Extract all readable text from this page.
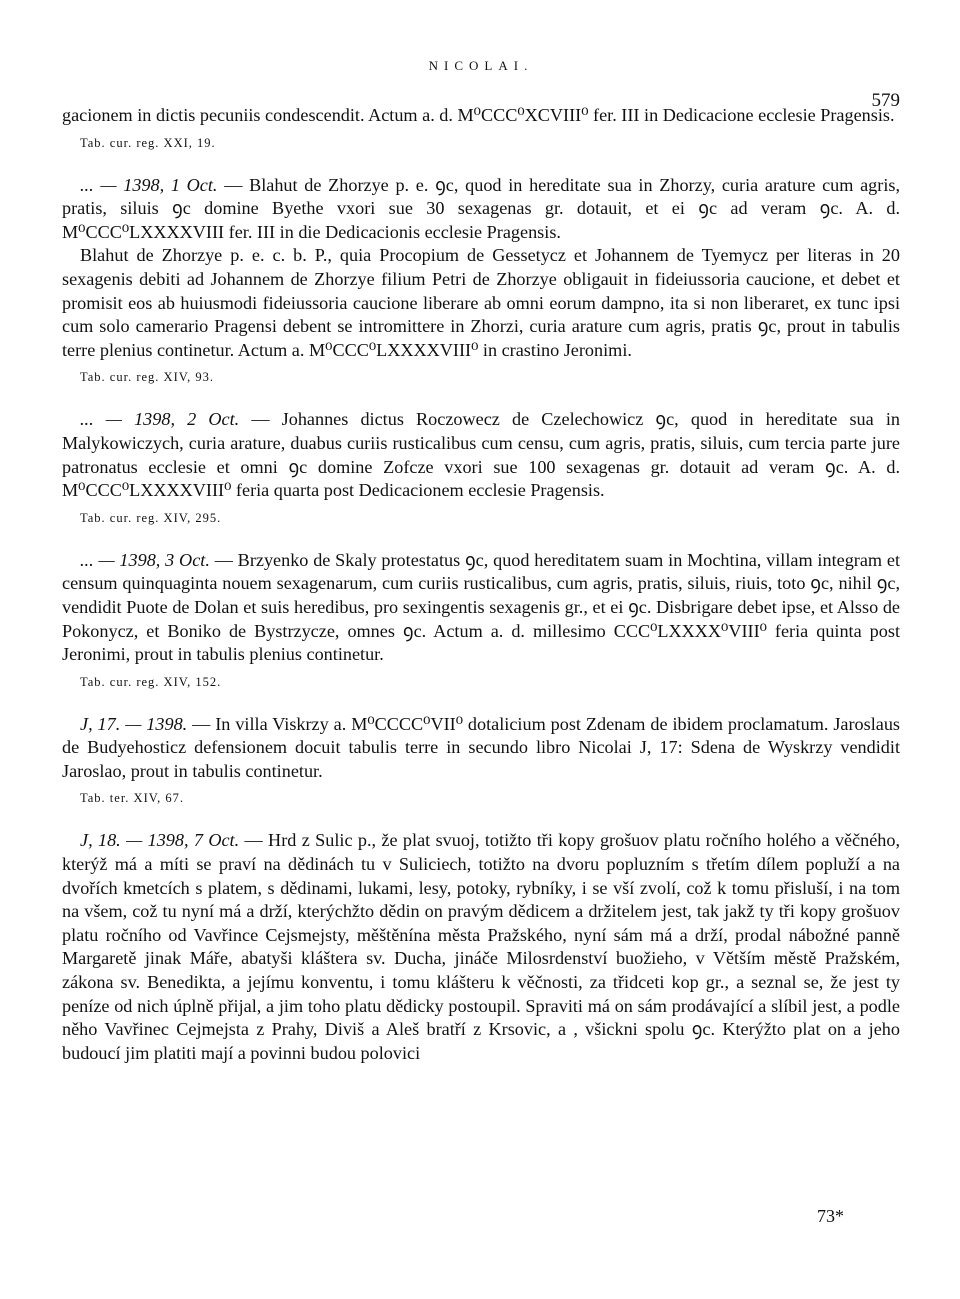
NICOLAI.
579

gacionem in dictis pecuniis condescendit. Actum a. d. M⁰CCC⁰XCVIII⁰ fer. III in Dedicacione ecclesie Pragensis.

Tab. cur. reg. XXI, 19.

... — 1398, 1 Oct. — Blahut de Zhorzye p. e. ꝯc, quod in hereditate sua in Zhorzy, curia arature cum agris, pratis, siluis ꝯc domine Byethe vxori sue 30 sexagenas gr. dotauit, et ei ꝯc ad veram ꝯc. A. d. M⁰CCC⁰LXXXXVIII fer. III in die Dedicacionis ecclesie Pragensis.

Blahut de Zhorzye p. e. c. b. P., quia Procopium de Gessetycz et Johannem de Tyemycz per literas in 20 sexagenis debiti ad Johannem de Zhorzye filium Petri de Zhorzye obligauit in fideiussoria caucione, et debet et promisit eos ab huiusmodi fideiussoria caucione liberare ab omni eorum dampno, ita si non liberaret, ex tunc ipsi cum solo camerario Pragensi debent se intromittere in Zhorzi, curia arature cum agris, pratis ꝯc, prout in tabulis terre plenius continetur. Actum a. M⁰CCC⁰LXXXXVIII⁰ in crastino Jeronimi.

Tab. cur. reg. XIV, 93.

... — 1398, 2 Oct. — Johannes dictus Roczowecz de Czelechowicz ꝯc, quod in hereditate sua in Malykowiczych, curia arature, duabus curiis rusticalibus cum censu, cum agris, pratis, siluis, cum tercia parte jure patronatus ecclesie et omni ꝯc domine Zofcze vxori sue 100 sexagenas gr. dotauit ad veram ꝯc. A. d. M⁰CCC⁰LXXXXVIII⁰ feria quarta post Dedicacionem ecclesie Pragensis.

Tab. cur. reg. XIV, 295.

... — 1398, 3 Oct. — Brzyenko de Skaly protestatus ꝯc, quod hereditatem suam in Mochtina, villam integram et censum quinquaginta nouem sexagenarum, cum curiis rusticalibus, cum agris, pratis, siluis, riuis, toto ꝯc, nihil ꝯc, vendidit Puote de Dolan et suis heredibus, pro sexingentis sexagenis gr., et ei ꝯc. Disbrigare debet ipse, et Alsso de Pokonycz, et Boniko de Bystrzycze, omnes ꝯc. Actum a. d. millesimo CCC⁰LXXXX⁰VIII⁰ feria quinta post Jeronimi, prout in tabulis plenius continetur.

Tab. cur. reg. XIV, 152.

J, 17. — 1398. — In villa Viskrzy a. M⁰CCCC⁰VII⁰ dotalicium post Zdenam de ibidem proclamatum. Jaroslaus de Budyehosticz defensionem docuit tabulis terre in secundo libro Nicolai J, 17: Sdena de Wyskrzy vendidit Jaroslao, prout in tabulis continetur.

Tab. ter. XIV, 67.

J, 18. — 1398, 7 Oct. — Hrd z Sulic p., že plat svuoj, totižto tři kopy grošuov platu ročního holého a věčného, kterýž má a míti se praví na dědinách tu v Suliciech, totižto na dvoru popluzním s třetím dílem popluží a na dvořích kmetcích s platem, s dědinami, lukami, lesy, potoky, rybníky, i se vší zvolí, což k tomu přisluší, i na tom na všem, což tu nyní má a drží, kterýchžto dědin on pravým dědicem a držitelem jest, tak jakž ty tři kopy grošuov platu ročního od Vavřince Cejsmejsty, měštěnína města Pražského, nyní sám má a drží, prodal nábožné panně Margaretě jinak Máře, abatyši kláštera sv. Ducha, jináče Milosrdenství buožieho, v Větším městě Pražském, zákona sv. Benedikta, a jejímu konventu, i tomu klášteru k věčnosti, za třidceti kop gr., a seznal se, že jest ty peníze od nich úplně přijal, a jim toho platu dědicky postoupil. Spraviti má on sám prodávající a slíbil jest, a podle něho Vavřinec Cejmejsta z Prahy, Diviš a Aleš bratří z Krsovic, a , všickni spolu ꝯc. Kterýžto plat on a jeho budoucí jim platiti mají a povinni budou polovici

73*
